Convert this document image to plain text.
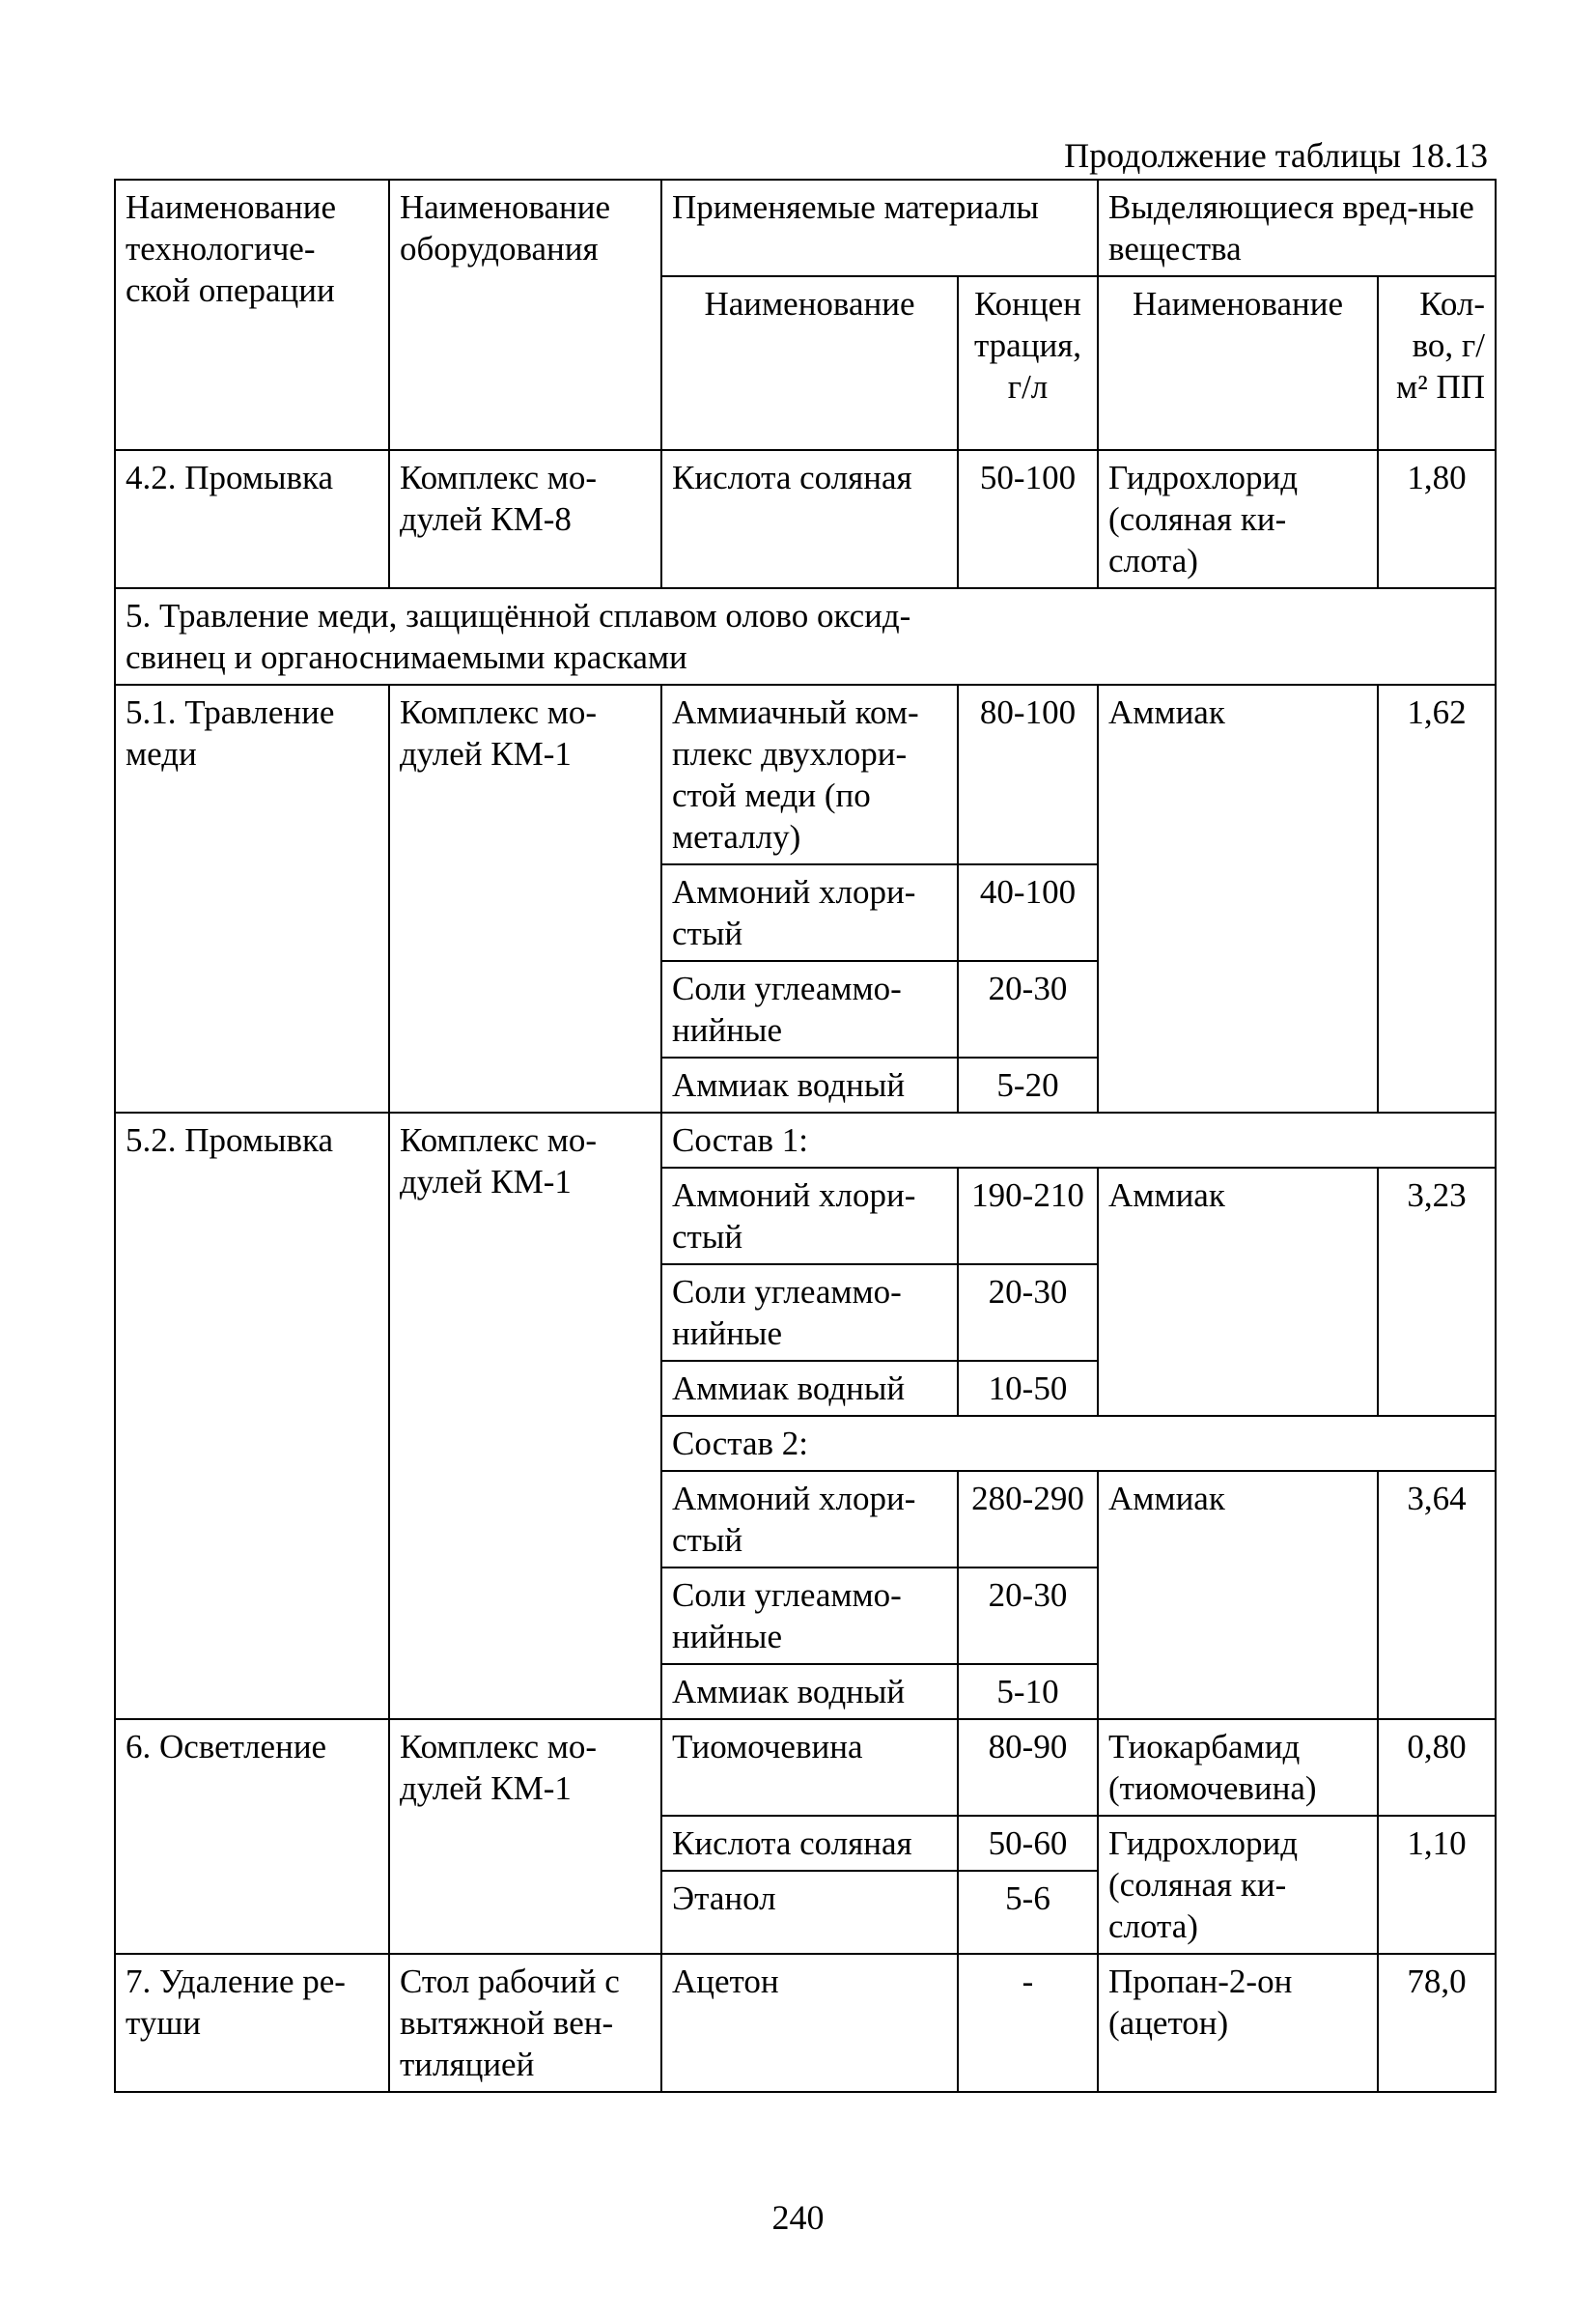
Продолжение таблицы 18.13
Наименование технологиче-ской операции	Наименование оборудования	Применяемые материалы		Выделяющиеся вред-ные вещества	
		Наименование	Концен трация, г/л	Наименование	Кол-во, г/м² ПП
4.2. Промывка	Комплекс мо-дулей КМ-8	Кислота соляная	50-100	Гидрохлорид (соляная ки-слота)	1,80

5. Травление меди, защищённой сплавом олово оксид-свинец и органоснимаемыми красками					

5.1. Травление меди	Комплекс мо-дулей КМ-1	Аммиачный ком-плекс двухлори-стой меди (по металлу)	80-100	Аммиак	1,62
		Аммоний хлори-стый	40-100		
		Соли углеаммо-нийные	20-30		
		Аммиак водный	5-20		
5.2. Промывка	Комплекс мо-дулей КМ-1	Состав 1:			
		Аммоний хлори-стый	190-210	Аммиак	3,23
		Соли углеаммо-нийные	20-30		
		Аммиак водный	10-50		
		Состав 2:			
		Аммоний хлори-стый	280-290	Аммиак	3,64
		Соли углеаммо-нийные	20-30		
		Аммиак водный	5-10		
6. Осветление	Комплекс мо-дулей КМ-1	Тиомочевина	80-90	Тиокарбамид (тиомочевина)	0,80
		Кислота соляная	50-60	Гидрохлорид (соляная ки-слота)	1,10
		Этанол	5-6		
7. Удаление ре-туши	Стол рабочий с вытяжной вен-тиляцией	Ацетон	-	Пропан-2-он (ацетон)	78,0
240
